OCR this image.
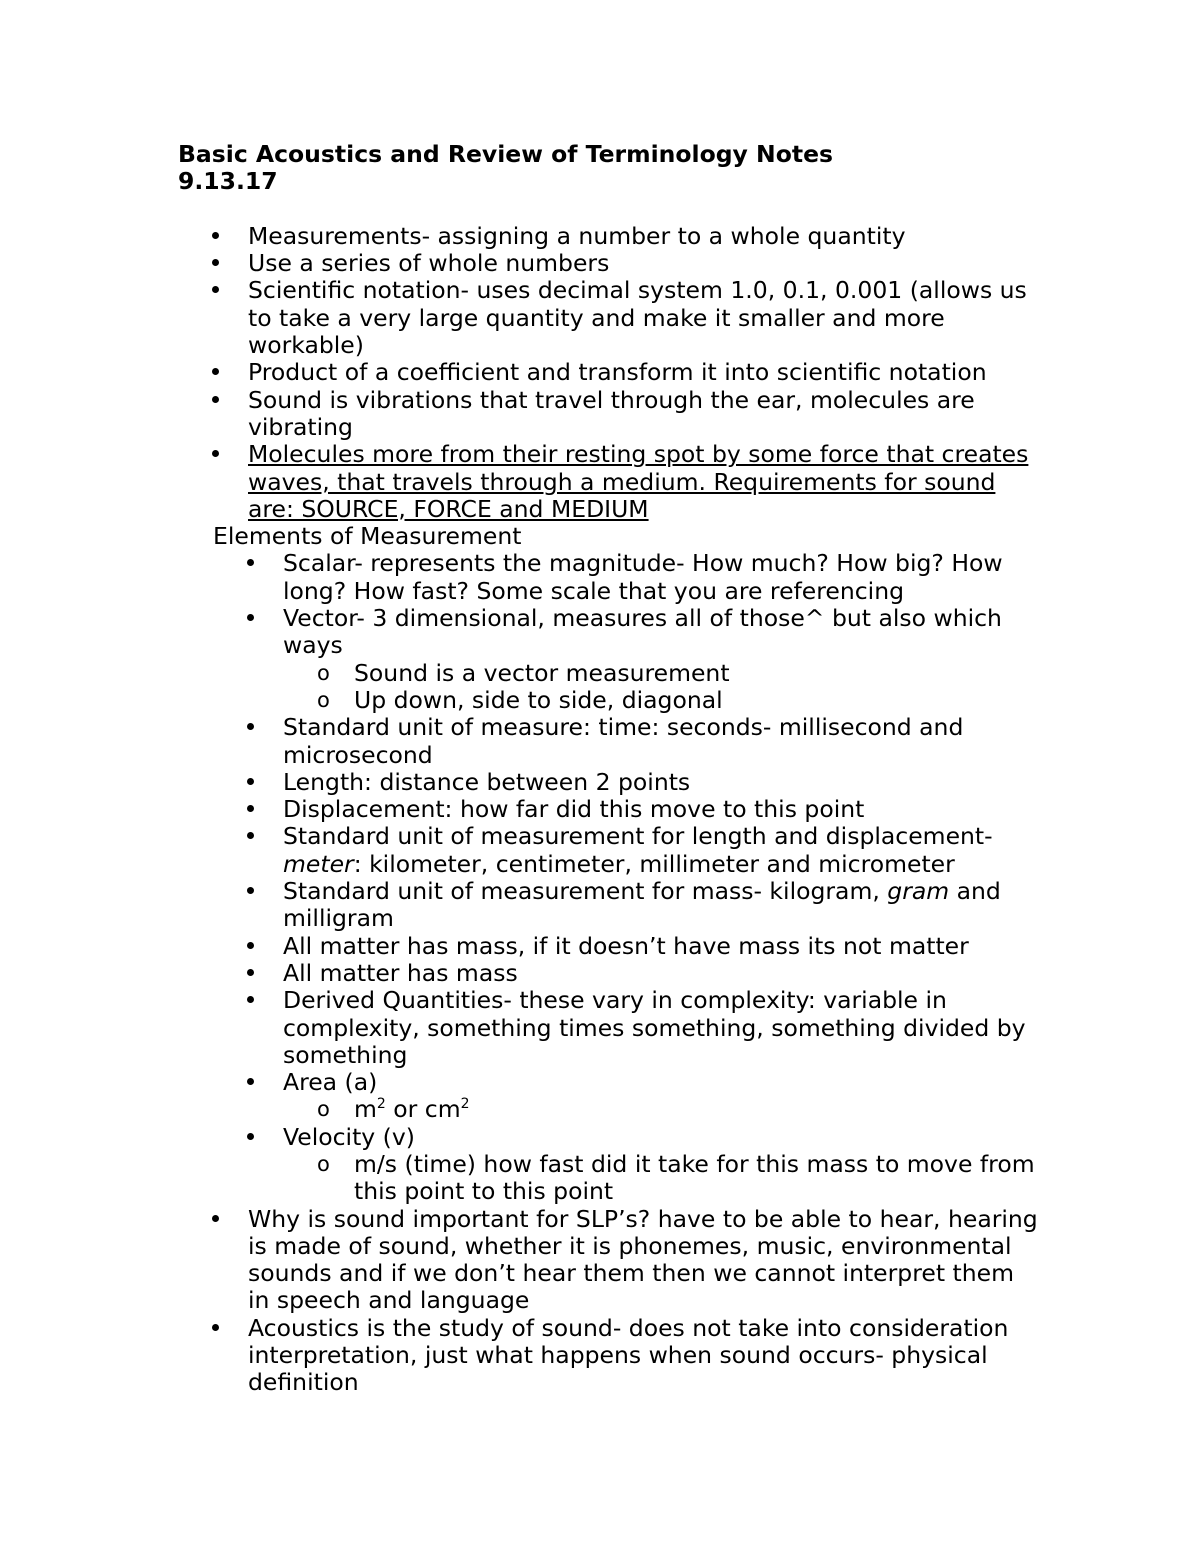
Basic Acoustics and Review of Terminology Notes

9.13.17

Measurements- assigning a number to a whole quantity
Use a series of whole numbers
Scientific notation- uses decimal system 1.0, 0.1, 0.001 (allows us to take a very large quantity and make it smaller and more workable)
Product of a coefficient and transform it into scientific notation
Sound is vibrations that travel through the ear, molecules are vibrating
Molecules more from their resting spot by some force that creates waves, that travels through a medium. Requirements for sound are: SOURCE, FORCE and MEDIUM

Elements of Measurement

Scalar- represents the magnitude- How much? How big? How long? How fast? Some scale that you are referencing
Vector- 3 dimensional, measures all of those^ but also which ways
o Sound is a vector measurement
o Up down, side to side, diagonal
Standard unit of measure: time: seconds- millisecond and microsecond
Length: distance between 2 points
Displacement: how far did this move to this point
Standard unit of measurement for length and displacement-
meter: kilometer, centimeter, millimeter and micrometer
Standard unit of measurement for mass- kilogram, gram and milligram
All matter has mass, if it doesn’t have mass its not matter
All matter has mass
Derived Quantities- these vary in complexity: variable in complexity, something times something, something divided by something
Area (a)
o $m^2$ or $cm^2$
Velocity (v)
o m/s (time) how fast did it take for this mass to move from this point to this point
Why is sound important for SLP’s? have to be able to hear, hearing is made of sound, whether it is phonemes, music, environmental sounds and if we don’t hear them then we cannot interpret them in speech and language
Acoustics is the study of sound- does not take into consideration interpretation, just what happens when sound occurs- physical definition
